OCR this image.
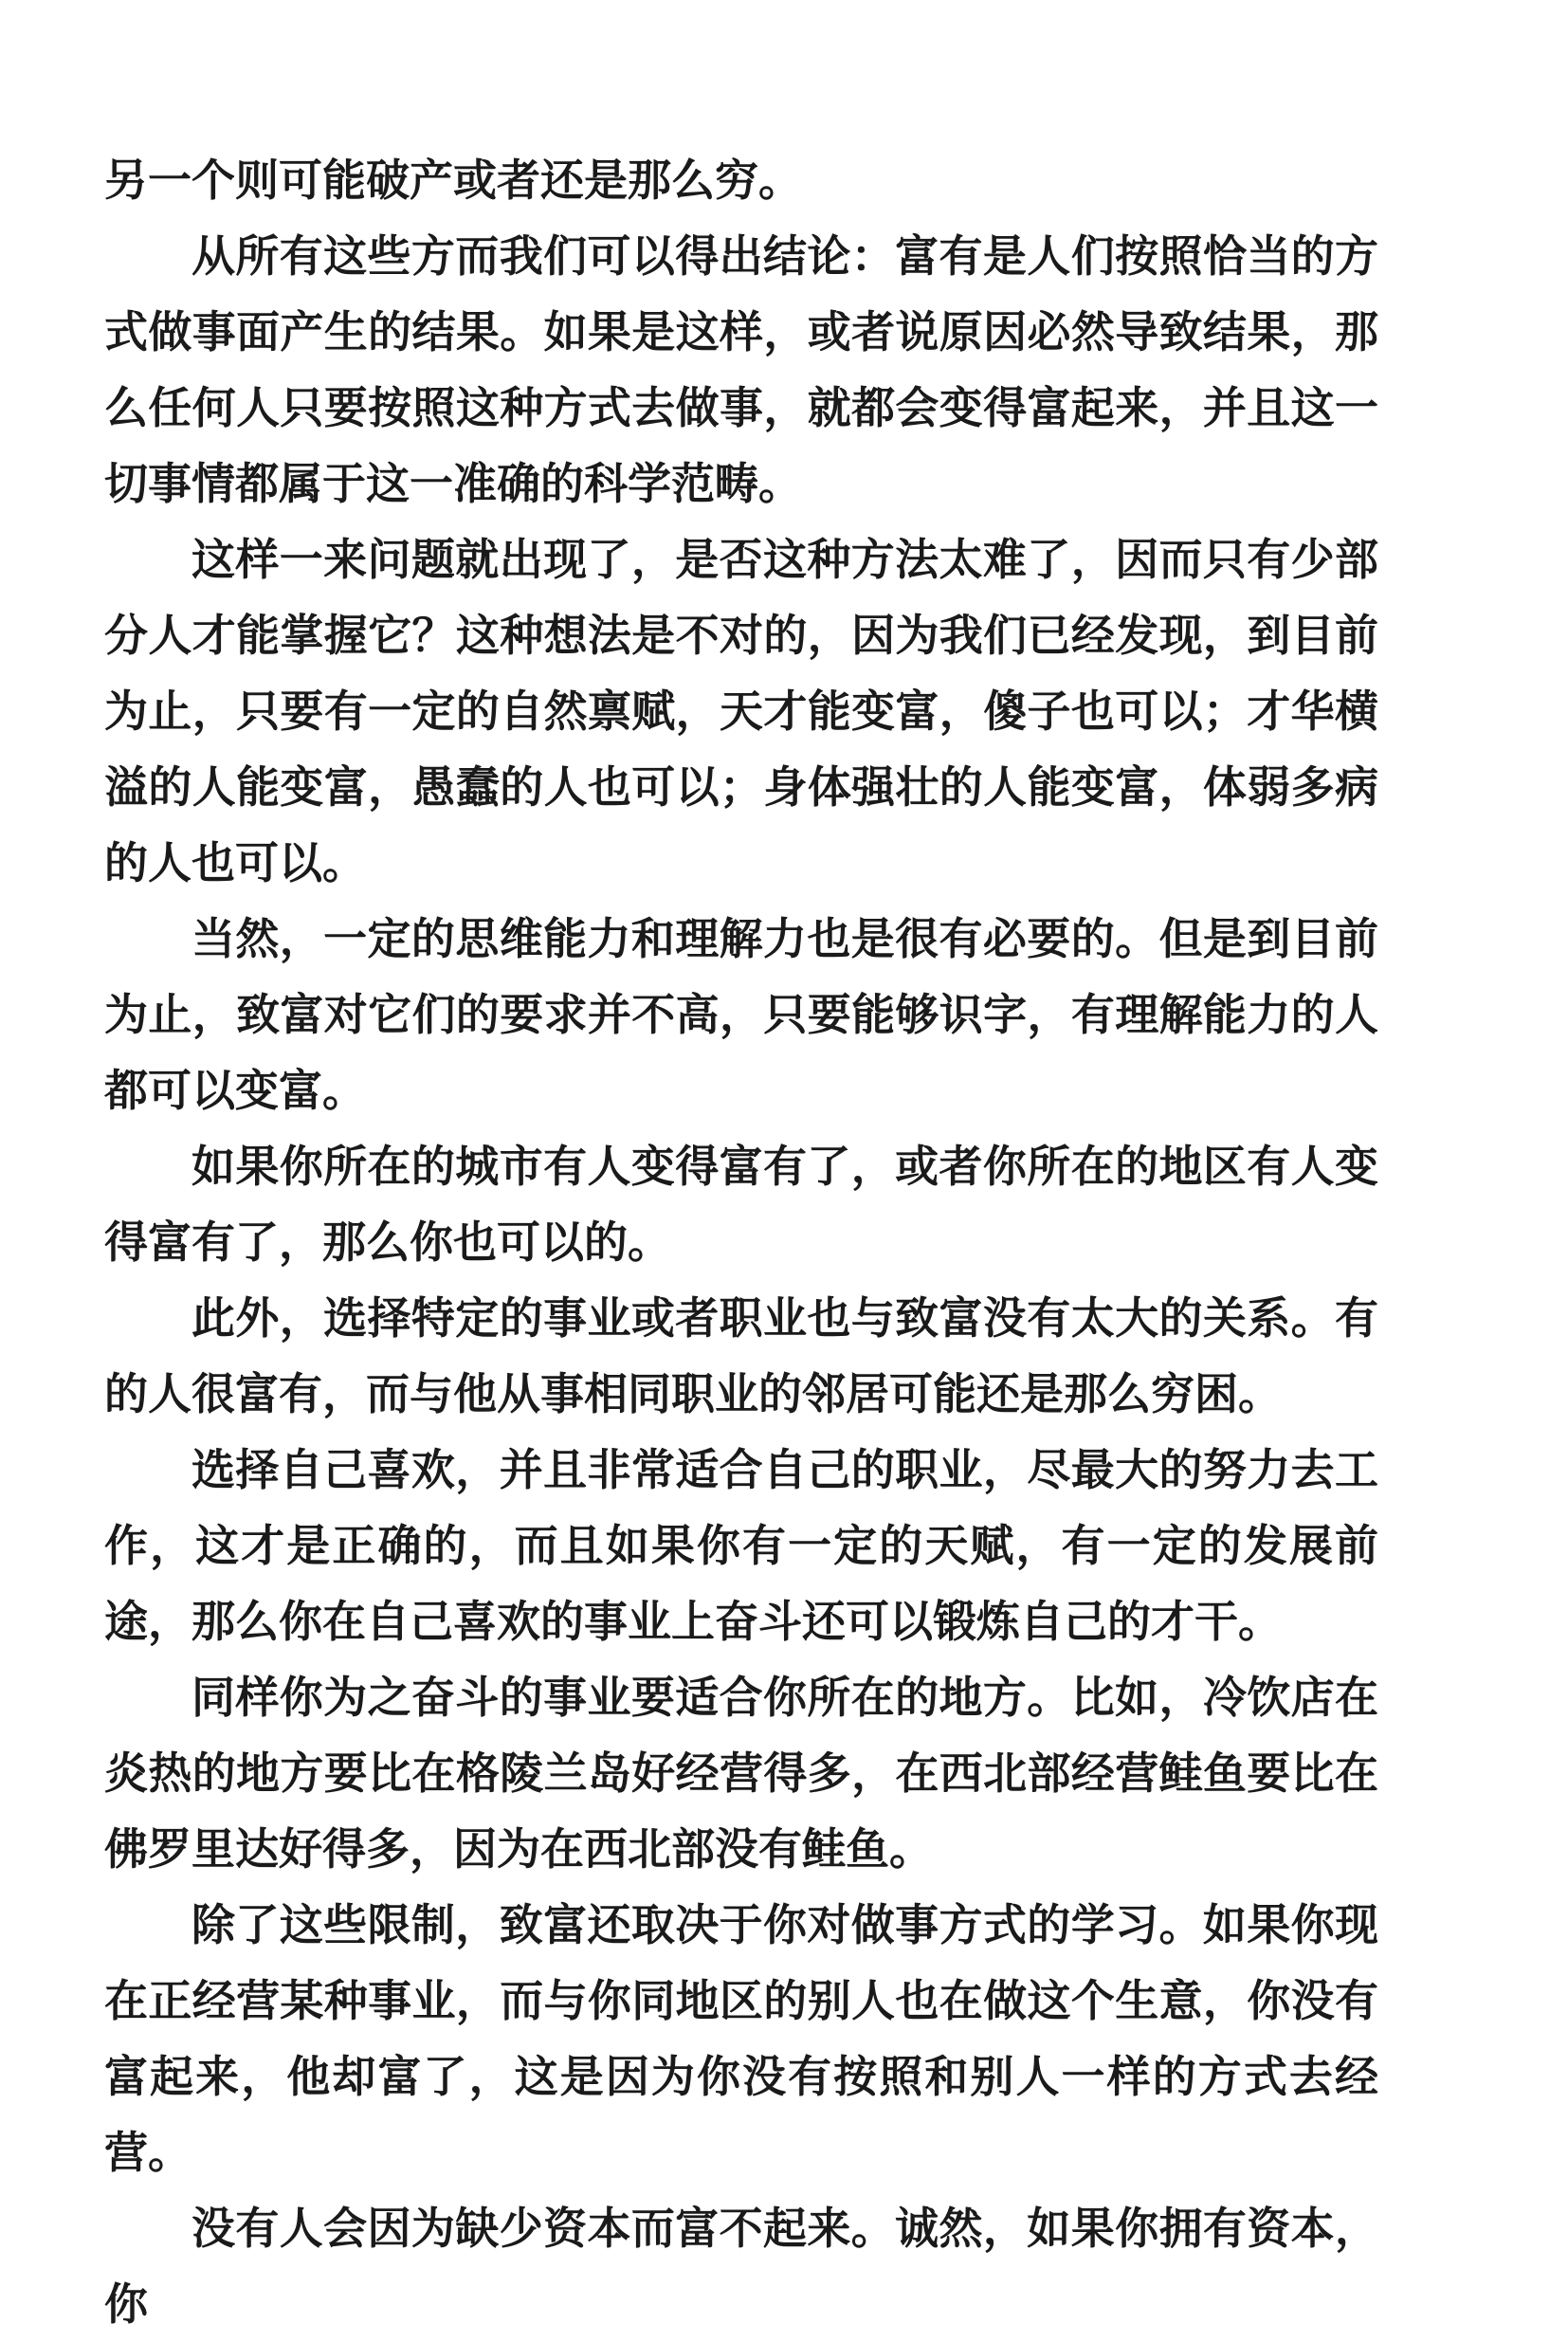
另一个则可能破产或者还是那么穷。

从所有这些方而我们可以得出结论：富有是人们按照恰当的方式做事面产生的结果。如果是这样，或者说原因必然导致结果，那么任何人只要按照这种方式去做事，就都会变得富起来，并且这一切事情都属于这一准确的科学范畴。

这样一来问题就出现了，是否这种方法太难了，因而只有少部分人才能掌握它？这种想法是不对的，因为我们已经发现，到目前为止，只要有一定的自然禀赋，天才能变富，傻子也可以；才华横溢的人能变富，愚蠢的人也可以；身体强壮的人能变富，体弱多病的人也可以。

当然，一定的思维能力和理解力也是很有必要的。但是到目前为止，致富对它们的要求并不高，只要能够识字，有理解能力的人都可以变富。

如果你所在的城市有人变得富有了，或者你所在的地区有人变得富有了，那么你也可以的。

此外，选择特定的事业或者职业也与致富没有太大的关系。有的人很富有，而与他从事相同职业的邻居可能还是那么穷困。

选择自己喜欢，并且非常适合自己的职业，尽最大的努力去工作，这才是正确的，而且如果你有一定的天赋，有一定的发展前途，那么你在自己喜欢的事业上奋斗还可以锻炼自己的才干。

同样你为之奋斗的事业要适合你所在的地方。比如，冷饮店在炎热的地方要比在格陵兰岛好经营得多，在西北部经营鲑鱼要比在佛罗里达好得多，因为在西北部没有鲑鱼。

除了这些限制，致富还取决于你对做事方式的学习。如果你现在正经营某种事业，而与你同地区的别人也在做这个生意，你没有富起来，他却富了，这是因为你没有按照和别人一样的方式去经营。

没有人会因为缺少资本而富不起来。诚然，如果你拥有资本，你
